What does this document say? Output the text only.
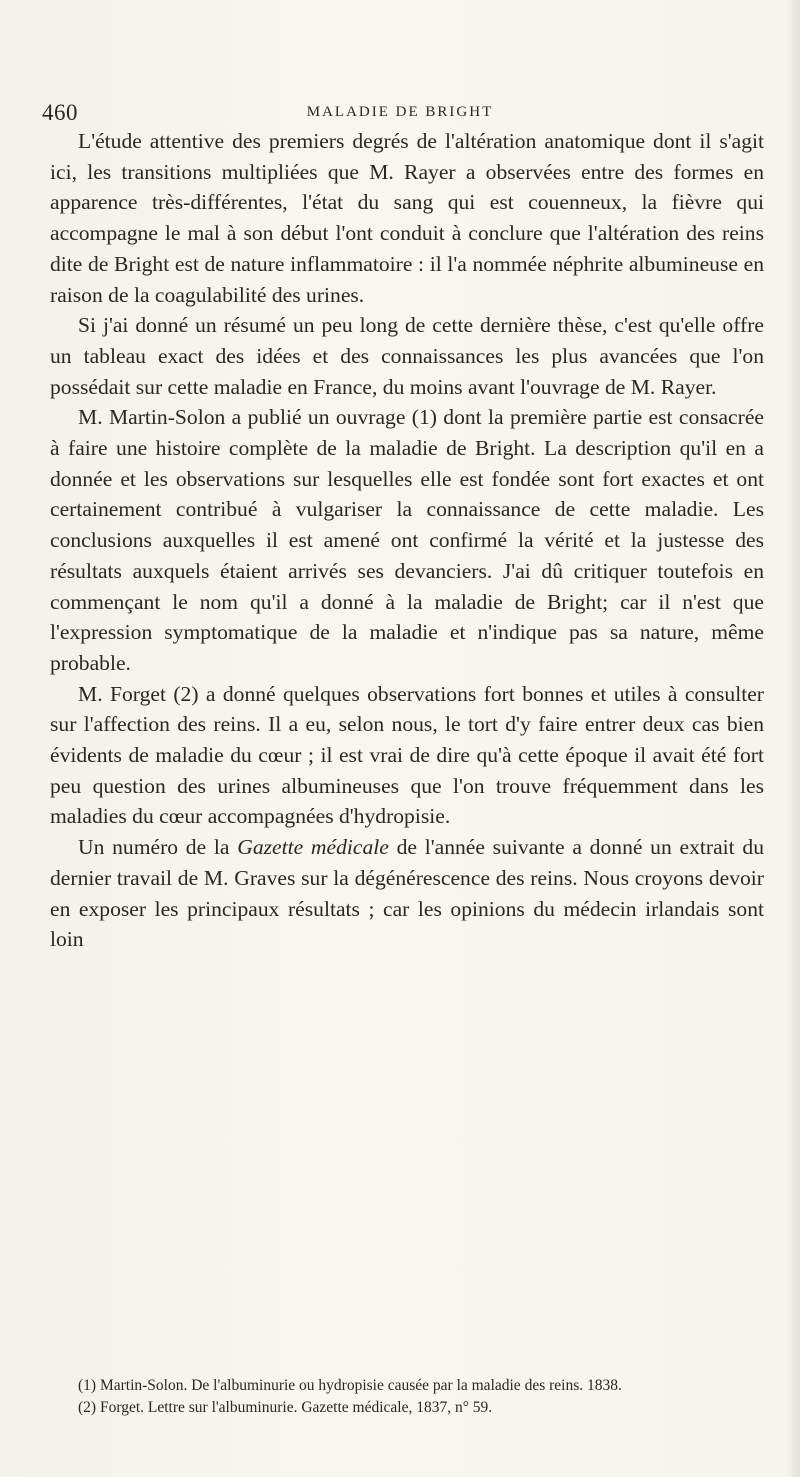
460	MALADIE DE BRIGHT

L'étude attentive des premiers degrés de l'altération anatomique dont il s'agit ici, les transitions multipliées que M. Rayer a observées entre des formes en apparence très-différentes, l'état du sang qui est couenneux, la fièvre qui accompagne le mal à son début l'ont conduit à conclure que l'altération des reins dite de Bright est de nature inflammatoire : il l'a nommée néphrite albumineuse en raison de la coagulabilité des urines.

Si j'ai donné un résumé un peu long de cette dernière thèse, c'est qu'elle offre un tableau exact des idées et des connaissances les plus avancées que l'on possédait sur cette maladie en France, du moins avant l'ouvrage de M. Rayer.

M. Martin-Solon a publié un ouvrage (1) dont la première partie est consacrée à faire une histoire complète de la maladie de Bright. La description qu'il en a donnée et les observations sur lesquelles elle est fondée sont fort exactes et ont certainement contribué à vulgariser la connaissance de cette maladie. Les conclusions auxquelles il est amené ont confirmé la vérité et la justesse des résultats auxquels étaient arrivés ses devanciers. J'ai dû critiquer toutefois en commençant le nom qu'il a donné à la maladie de Bright; car il n'est que l'expression symptomatique de la maladie et n'indique pas sa nature, même probable.

M. Forget (2) a donné quelques observations fort bonnes et utiles à consulter sur l'affection des reins. Il a eu, selon nous, le tort d'y faire entrer deux cas bien évidents de maladie du cœur ; il est vrai de dire qu'à cette époque il avait été fort peu question des urines albumineuses que l'on trouve fréquemment dans les maladies du cœur accompagnées d'hydropisie.

Un numéro de la Gazette médicale de l'année suivante a donné un extrait du dernier travail de M. Graves sur la dégénérescence des reins. Nous croyons devoir en exposer les principaux résultats ; car les opinions du médecin irlandais sont loin

(1) Martin-Solon. De l'albuminurie ou hydropisie causée par la maladie des reins. 1838.

(2) Forget. Lettre sur l'albuminurie. Gazette médicale, 1837, n° 59.
